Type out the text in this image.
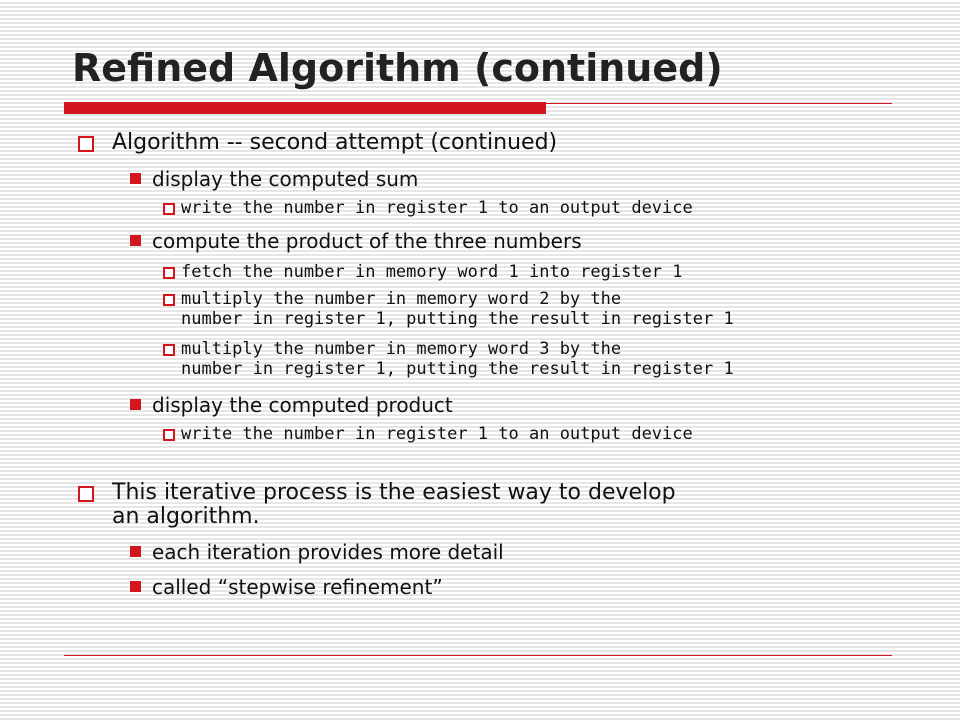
Refined Algorithm (continued)
Algorithm -- second attempt (continued)
display the computed sum
write the number in register 1 to an output device
compute the product of the three numbers
fetch the number in memory word 1 into register 1
multiply the number in memory word 2 by the
number in register 1, putting the result in register 1
multiply the number in memory word 3 by the
number in register 1, putting the result in register 1
display the computed product
write the number in register 1 to an output device
This iterative process is the easiest way to develop
an algorithm.
each iteration provides more detail
called “stepwise refinement”
